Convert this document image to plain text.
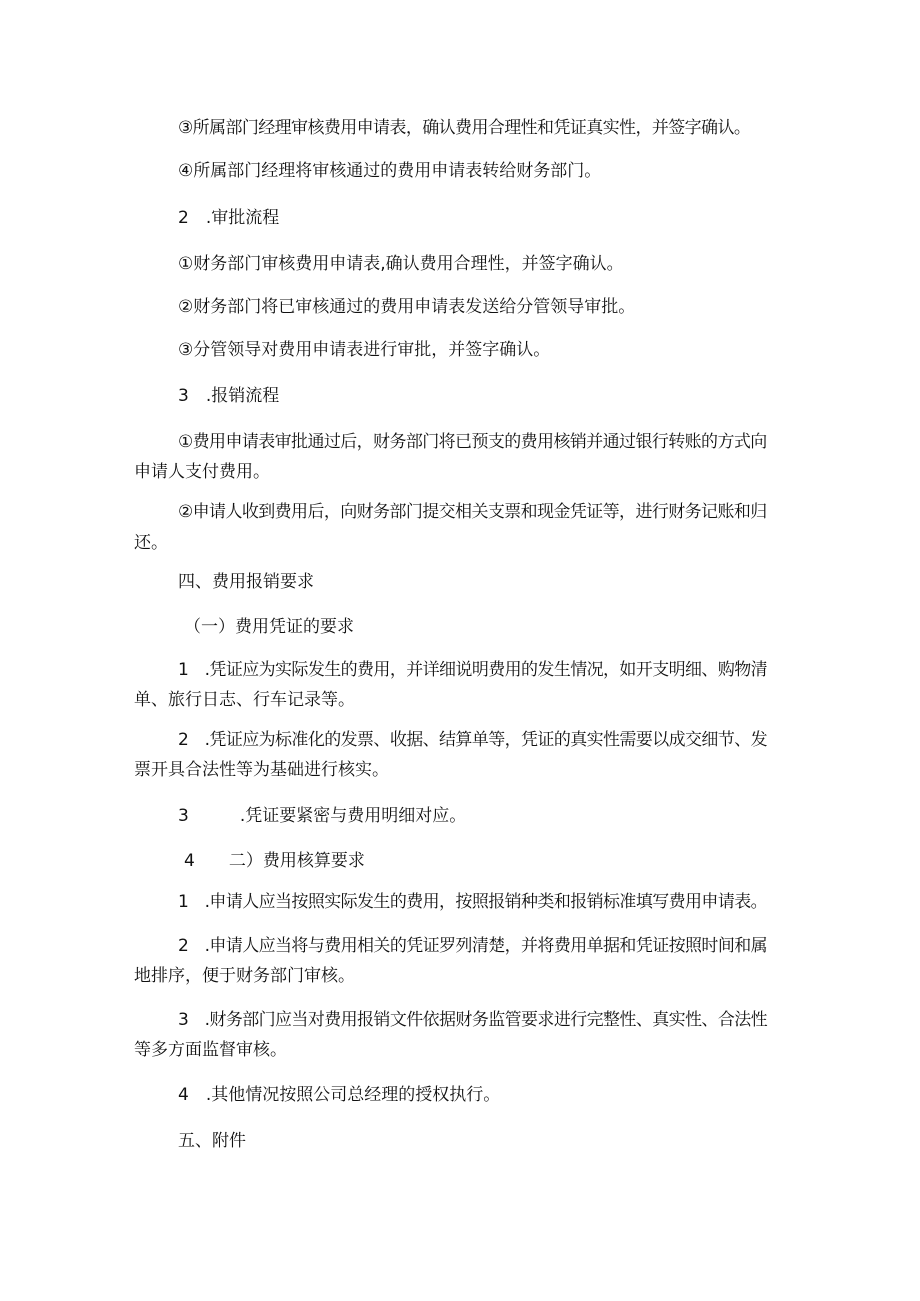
③所属部门经理审核费用申请表，确认费用合理性和凭证真实性，并签字确认。
④所属部门经理将审核通过的费用申请表转给财务部门。
2　.审批流程
①财务部门审核费用申请表,确认费用合理性，并签字确认。
②财务部门将已审核通过的费用申请表发送给分管领导审批。
③分管领导对费用申请表进行审批，并签字确认。
3　.报销流程
①费用申请表审批通过后，财务部门将已预支的费用核销并通过银行转账的方式向
申请人支付费用。
②申请人收到费用后，向财务部门提交相关支票和现金凭证等，进行财务记账和归
还。
四、费用报销要求
（一）费用凭证的要求
1　.凭证应为实际发生的费用，并详细说明费用的发生情况，如开支明细、购物清
单、旅行日志、行车记录等。
2　.凭证应为标准化的发票、收据、结算单等，凭证的真实性需要以成交细节、发
票开具合法性等为基础进行核实。
3　　　.凭证要紧密与费用明细对应。
4　　二）费用核算要求
1　.申请人应当按照实际发生的费用，按照报销种类和报销标准填写费用申请表。
2　.申请人应当将与费用相关的凭证罗列清楚，并将费用单据和凭证按照时间和属
地排序，便于财务部门审核。
3　.财务部门应当对费用报销文件依据财务监管要求进行完整性、真实性、合法性
等多方面监督审核。
4　.其他情况按照公司总经理的授权执行。
五、附件
